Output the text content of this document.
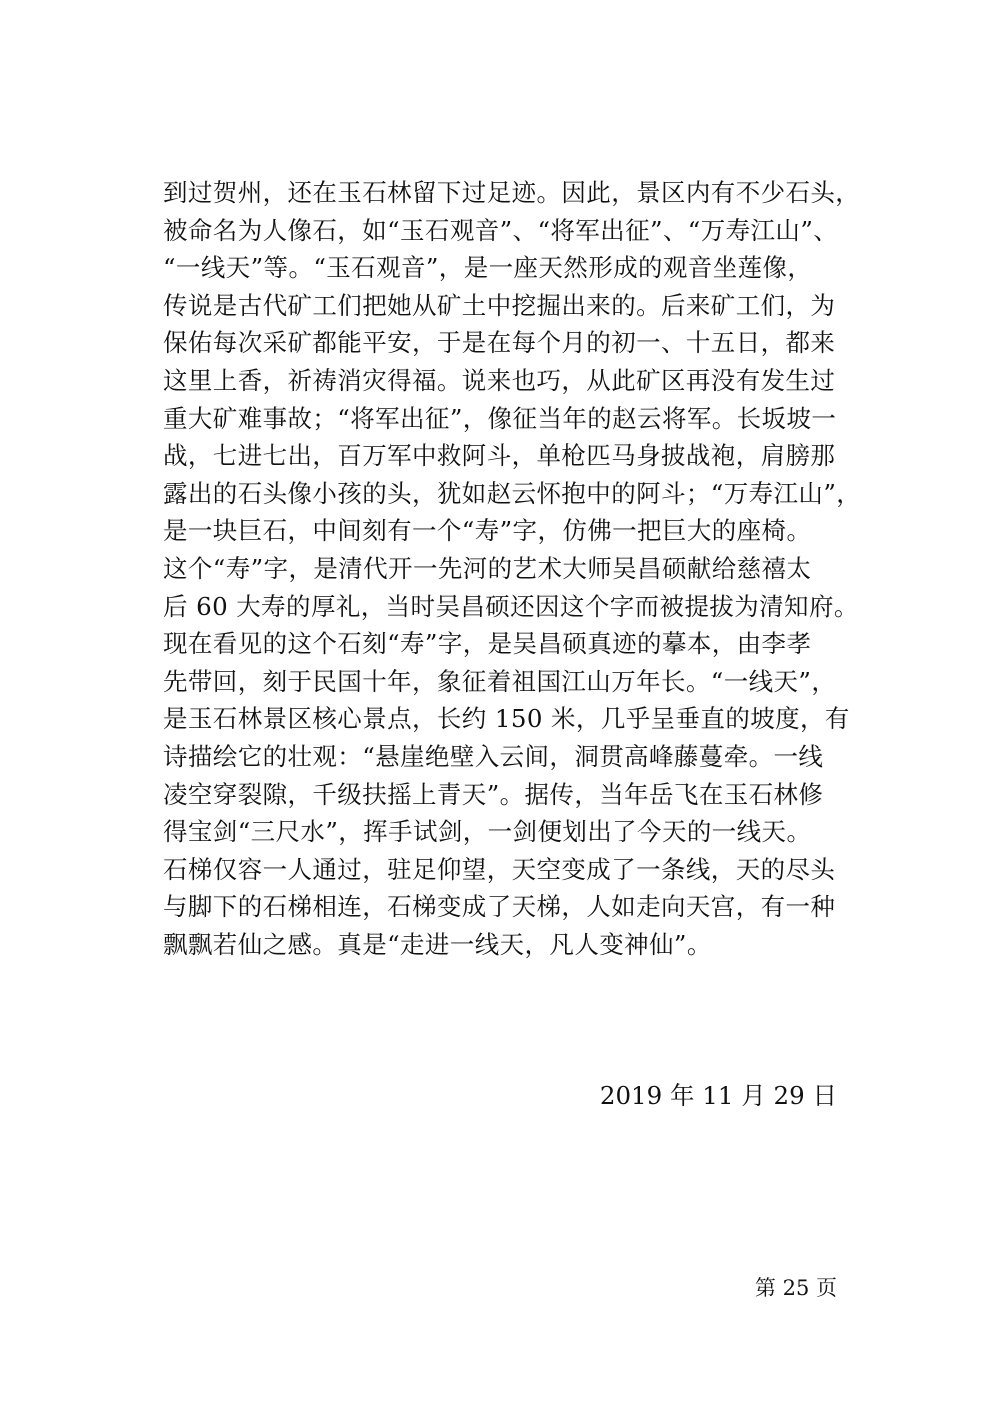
到过贺州，还在玉石林留下过足迹。因此，景区内有不少石头，
被命名为人像石，如“玉石观音”、“将军出征”、“万寿江山”、
“一线天”等。“玉石观音”，是一座天然形成的观音坐莲像，
传说是古代矿工们把她从矿土中挖掘出来的。后来矿工们，为
保佑每次采矿都能平安，于是在每个月的初一、十五日，都来
这里上香，祈祷消灾得福。说来也巧，从此矿区再没有发生过
重大矿难事故；“将军出征”，像征当年的赵云将军。长坂坡一
战，七进七出，百万军中救阿斗，单枪匹马身披战袍，肩膀那
露出的石头像小孩的头，犹如赵云怀抱中的阿斗；“万寿江山”，
是一块巨石，中间刻有一个“寿”字，仿佛一把巨大的座椅。
这个“寿”字，是清代开一先河的艺术大师吴昌硕献给慈禧太
后 60 大寿的厚礼，当时吴昌硕还因这个字而被提拔为清知府。
现在看见的这个石刻“寿”字，是吴昌硕真迹的摹本，由李孝
先带回，刻于民国十年，象征着祖国江山万年长。“一线天”，
是玉石林景区核心景点，长约 150 米，几乎呈垂直的坡度，有
诗描绘它的壮观：“悬崖绝壁入云间，洞贯高峰藤蔓牵。一线
凌空穿裂隙，千级扶摇上青天”。据传，当年岳飞在玉石林修
得宝剑“三尺水”，挥手试剑，一剑便划出了今天的一线天。
石梯仅容一人通过，驻足仰望，天空变成了一条线，天的尽头
与脚下的石梯相连，石梯变成了天梯，人如走向天宫，有一种
飘飘若仙之感。真是“走进一线天，凡人变神仙”。
2019 年 11 月 29 日
第 25 页
